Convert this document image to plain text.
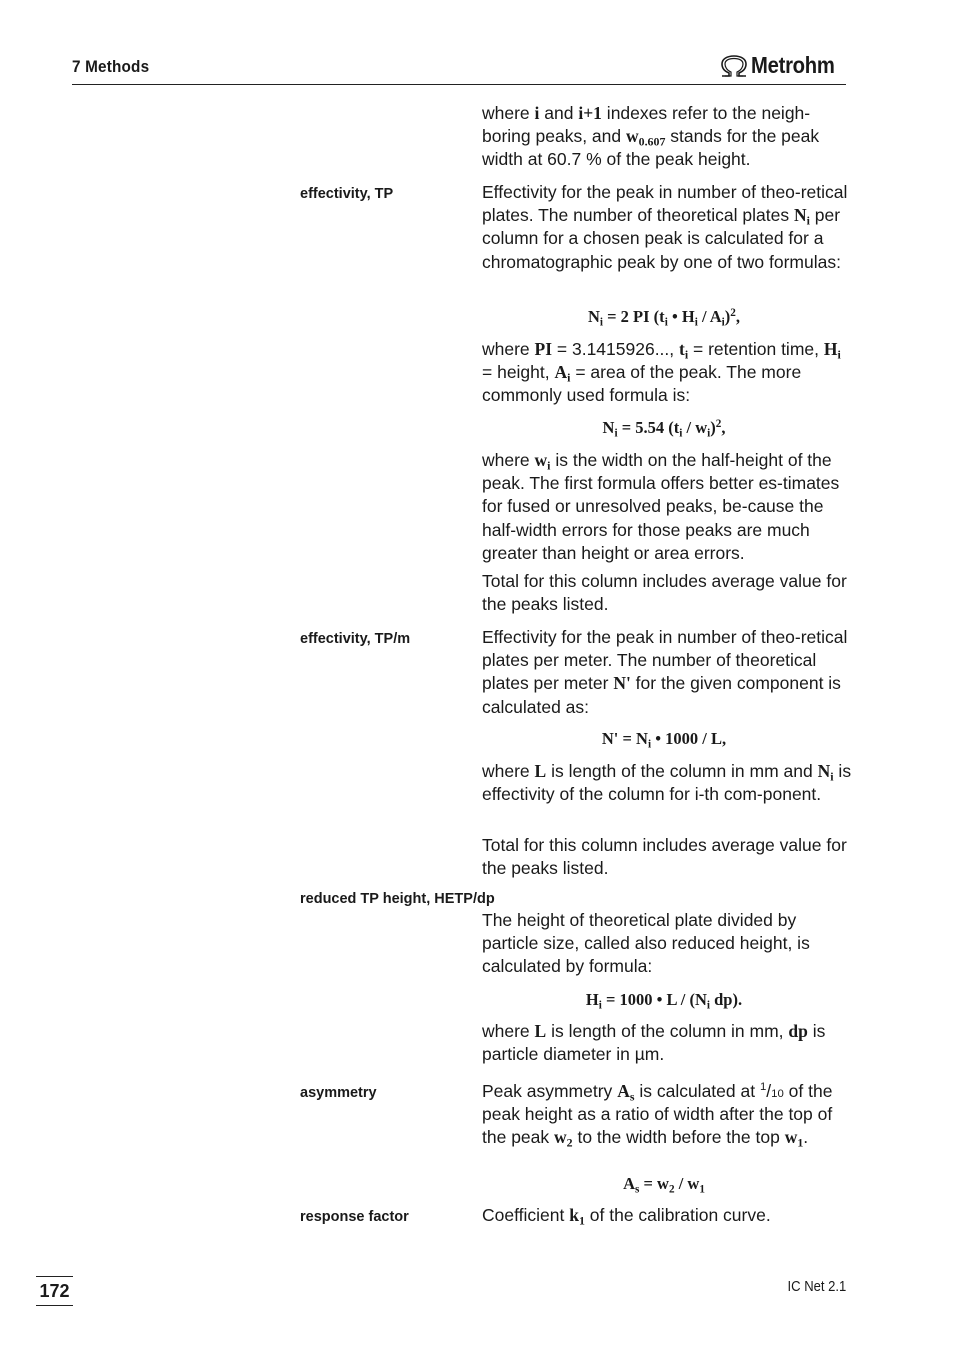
7 Methods	Metrohm
where i and i+1 indexes refer to the neigh-boring peaks, and $w_{0.607}$ stands for the peak width at 60.7 % of the peak height.
effectivity, TP	Effectivity for the peak in number of theo-retical plates. The number of theoretical plates $N_i$ per column for a chosen peak is calculated for a chromatographic peak by one of two formulas:
$N_i = 2$ PI ($t_i$ • $H_i / A_i)^2$,
where PI = 3.1415926..., $t_i$ = retention time, $H_i$ = height, $A_i$ = area of the peak. The more commonly used formula is:
$N_i = 5.54$ $(t_i / w_i)^2$,
where $w_i$ is the width on the half-height of the peak. The first formula offers better es-timates for fused or unresolved peaks, be-cause the half-width errors for those peaks are much greater than height or area errors.
Total for this column includes average value for the peaks listed.
effectivity, TP/m	Effectivity for the peak in number of theo-retical plates per meter. The number of theoretical plates per meter N' for the given component is calculated as:
$N' = N_i$ • 1000 / L,
where L is length of the column in mm and $N_i$ is effectivity of the column for i-th com-ponent.
Total for this column includes average value for the peaks listed.
reduced TP height, HETP/dp
The height of theoretical plate divided by particle size, called also reduced height, is calculated by formula:
$H_i = 1000$ • L / ($N_i$ dp).
where L is length of the column in mm, dp is particle diameter in µm.
asymmetry	Peak asymmetry $A_s$ is calculated at $^1$/10 of the peak height as a ratio of width after the top of the peak $w_2$ to the width before the top $w_1$.
$A_s = w_2 / w_1$
response factor	Coefficient $k_1$ of the calibration curve.
172	IC Net 2.1
